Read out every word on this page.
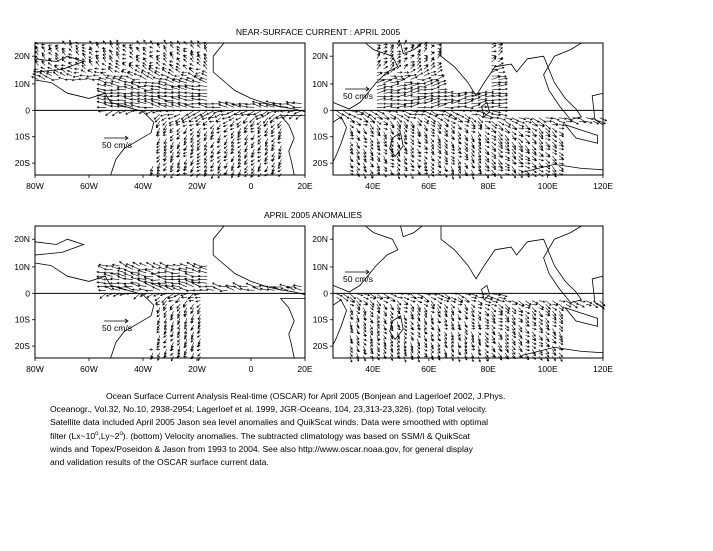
NEAR-SURFACE CURRENT : APRIL 2005
APRIL 2005 ANOMALIES
20N
10N
0
10S
20S
80W	60W	40W	20W	0	20E
50 cm/s
20N
10N
0
10S
20S
40E	60E	80E	100E	120E
50 cm/s
20N
10N
0
10S
20S
80W	60W	40W	20W	0	20E
50 cm/s
20N
10N
0
10S
20S
40E	60E	80E	100E	120E
50 cm/s
Ocean Surface Current Analysis Real-time (OSCAR) for April 2005 (Bonjean and Lagerloef 2002, J.Phys.
Oceanogr., Vol.32, No.10, 2938-2954; Lagerloef et al. 1999, JGR-Oceans, 104, 23,313-23,326). (top) Total velocity.
Satellite data included April 2005 Jason sea level anomalies and QuikScat winds. Data were smoothed with optimal
filter (Lx~10$^o$,Ly~2$^o$). (bottom) Velocity anomalies. The subtracted climatology was based on SSM/I & QuikScat
winds and Topex/Poseidon & Jason from 1993 to 2004. See also http://www.oscar.noaa.gov, for general display
and validation results of the OSCAR surface current data.
